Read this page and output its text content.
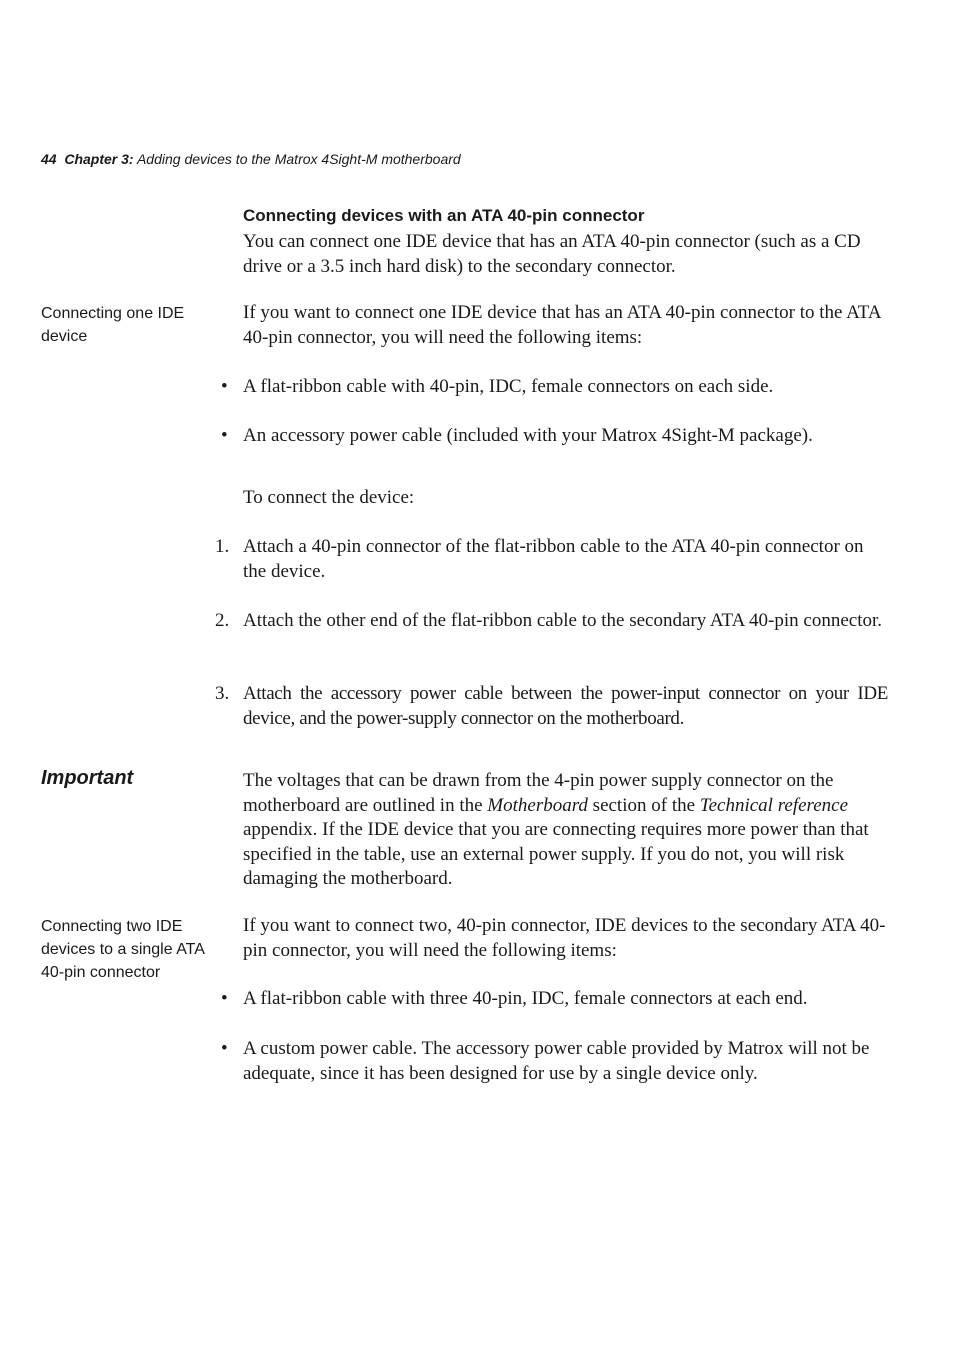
44 Chapter 3: Adding devices to the Matrox 4Sight-M motherboard
Connecting devices with an ATA 40-pin connector
You can connect one IDE device that has an ATA 40-pin connector (such as a CD drive or a 3.5 inch hard disk) to the secondary connector.
Connecting one IDE device
If you want to connect one IDE device that has an ATA 40-pin connector to the ATA 40-pin connector, you will need the following items:
• A flat-ribbon cable with 40-pin, IDC, female connectors on each side.
• An accessory power cable (included with your Matrox 4Sight-M package).
To connect the device:
1. Attach a 40-pin connector of the flat-ribbon cable to the ATA 40-pin connector on the device.
2. Attach the other end of the flat-ribbon cable to the secondary ATA 40-pin connector.
3. Attach the accessory power cable between the power-input connector on your IDE device, and the power-supply connector on the motherboard.
Important	The voltages that can be drawn from the 4-pin power supply connector on the motherboard are outlined in the Motherboard section of the Technical reference appendix. If the IDE device that you are connecting requires more power than that specified in the table, use an external power supply. If you do not, you will risk damaging the motherboard.
Connecting two IDE devices to a single ATA 40-pin connector
If you want to connect two, 40-pin connector, IDE devices to the secondary ATA 40-pin connector, you will need the following items:
• A flat-ribbon cable with three 40-pin, IDC, female connectors at each end.
• A custom power cable. The accessory power cable provided by Matrox will not be adequate, since it has been designed for use by a single device only.
